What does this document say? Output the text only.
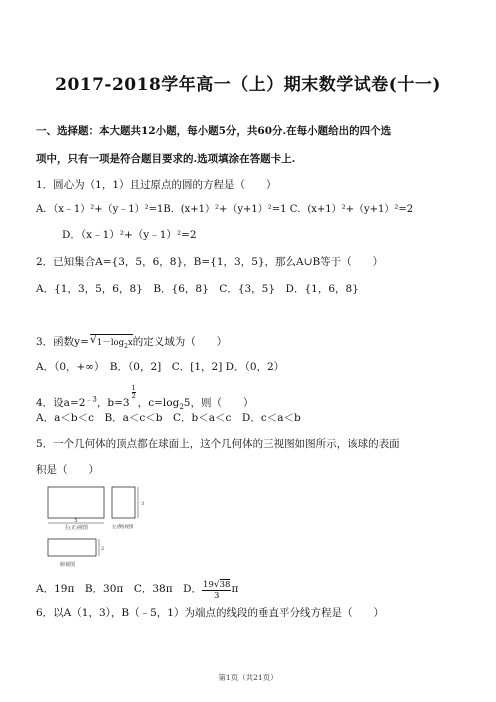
2017-2018学年高一（上）期末数学试卷(十一)
一、选择题：本大题共12小题，每小题5分，共60分.在每小题给出的四个选
项中，只有一项是符合题目要求的.选项填涂在答题卡上.
1．圆心为（1，1）且过原点的圆的方程是（　　）
A．（x﹣1）²+（y﹣1）²=1B．(x+1）²+（y+1）²=1 C．(x+1）²+（y+1）²=2
D．（x﹣1）²+（y﹣1）²=2
2．已知集合A={3，5，6，8}，B={1，3，5}，那么A∪B等于（　　）
A．{1，3，5，6，8}　B．{6，8}　C．{3，5}　D．{1，6，8}
3．函数y= √ $1-\log_2x$的定义域为（　　）
A．（0，+∞）　B．（0，2]　C．[1，2] D．（0，2）
4．设$a=2^{﹣3}$，b=3
$\frac{1}{2}$
，$c=\log_25$，则（　　）
A．a＜b＜c　B．a＜c＜b　C．b＜a＜c　D．c＜a＜b
5．一个几何体的顶点都在球面上，这个几何体的三视图如图所示，该球的表面
积是（　　）
5
主(正)视图
3
左(侧)视图
2
俯视图
A．19π　B．30π　C．38π　D． $\frac{19√38}{3}$ π
6．以A（1，3），B（﹣5，1）为端点的线段的垂直平分线方程是（　　）
第1页（共21页）
